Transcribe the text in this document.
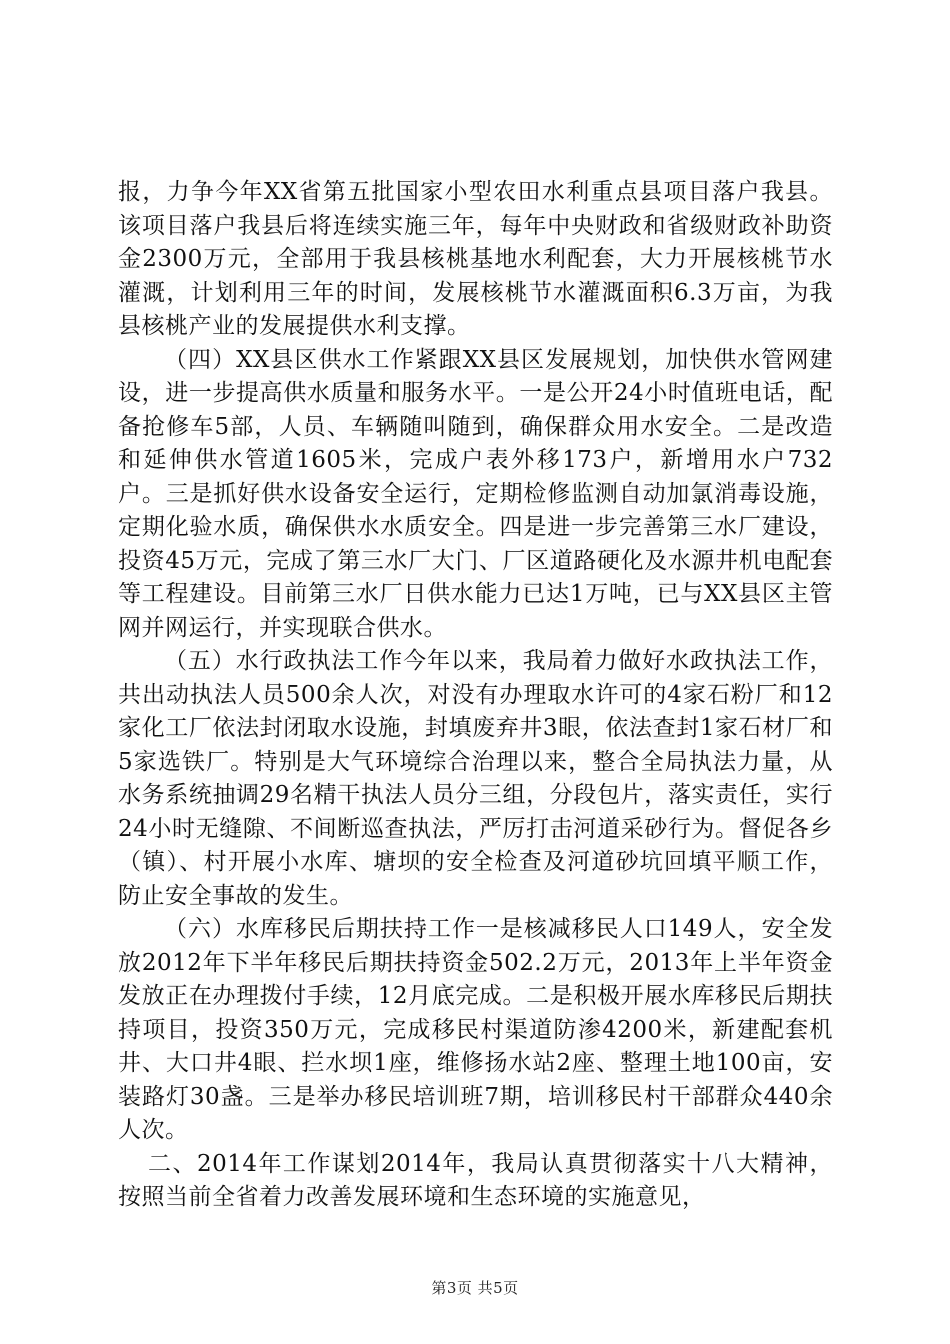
报，力争今年XX省第五批国家小型农田水利重点县项目落户我县。该项目落户我县后将连续实施三年，每年中央财政和省级财政补助资金2300万元，全部用于我县核桃基地水利配套，大力开展核桃节水灌溉，计划利用三年的时间，发展核桃节水灌溉面积6.3万亩，为我县核桃产业的发展提供水利支撑。

（四）XX县区供水工作紧跟XX县区发展规划，加快供水管网建设，进一步提高供水质量和服务水平。一是公开24小时值班电话，配备抢修车5部，人员、车辆随叫随到，确保群众用水安全。二是改造和延伸供水管道1605米，完成户表外移173户，新增用水户732户。三是抓好供水设备安全运行，定期检修监测自动加氯消毒设施，定期化验水质，确保供水水质安全。四是进一步完善第三水厂建设，投资45万元，完成了第三水厂大门、厂区道路硬化及水源井机电配套等工程建设。目前第三水厂日供水能力已达1万吨，已与XX县区主管网并网运行，并实现联合供水。

（五）水行政执法工作今年以来，我局着力做好水政执法工作，共出动执法人员500余人次，对没有办理取水许可的4家石粉厂和12家化工厂依法封闭取水设施，封填废弃井3眼，依法查封1家石材厂和5家选铁厂。特别是大气环境综合治理以来，整合全局执法力量，从水务系统抽调29名精干执法人员分三组，分段包片，落实责任，实行24小时无缝隙、不间断巡查执法，严厉打击河道采砂行为。督促各乡（镇）、村开展小水库、塘坝的安全检查及河道砂坑回填平顺工作，防止安全事故的发生。

（六）水库移民后期扶持工作一是核减移民人口149人，安全发放2012年下半年移民后期扶持资金502.2万元，2013年上半年资金发放正在办理拨付手续，12月底完成。二是积极开展水库移民后期扶持项目，投资350万元，完成移民村渠道防渗4200米，新建配套机井、大口井4眼、拦水坝1座，维修扬水站2座、整理土地100亩，安装路灯30盏。三是举办移民培训班7期，培训移民村干部群众440余人次。

二、2014年工作谋划2014年，我局认真贯彻落实十八大精神，按照当前全省着力改善发展环境和生态环境的实施意见，

第3页 共5页
